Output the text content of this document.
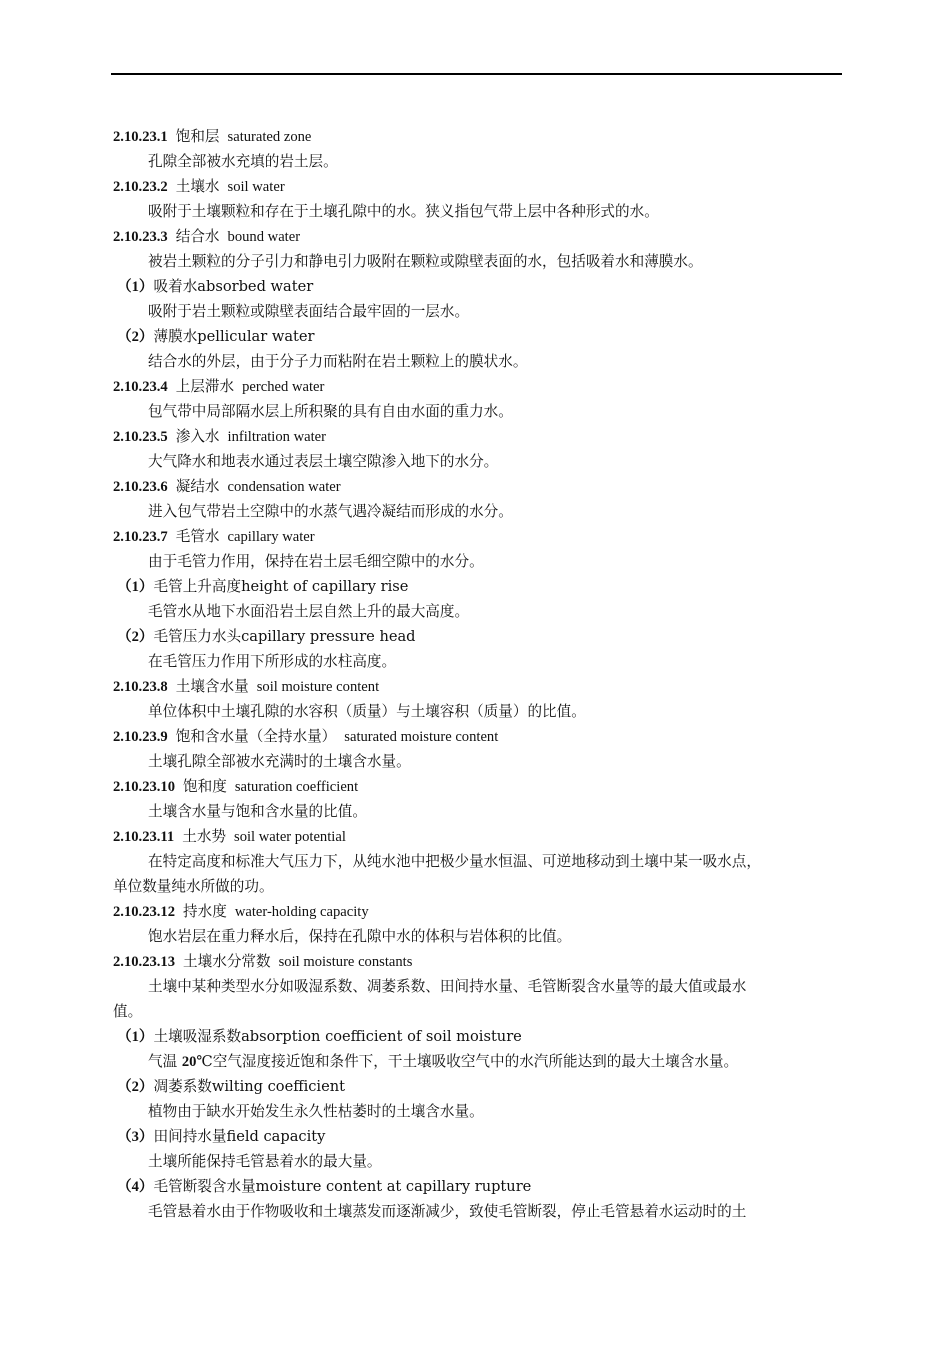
2.10.23.1 饱和层 saturated zone
孔隙全部被水充填的岩土层。
2.10.23.2 土壤水 soil water
吸附于土壤颗粒和存在于土壤孔隙中的水。狭义指包气带上层中各种形式的水。
2.10.23.3 结合水 bound water
被岩土颗粒的分子引力和静电引力吸附在颗粒或隙壁表面的水，包括吸着水和薄膜水。
（1）吸着水absorbed water
吸附于岩土颗粒或隙壁表面结合最牢固的一层水。
（2）薄膜水pellicular water
结合水的外层，由于分子力而粘附在岩土颗粒上的膜状水。
2.10.23.4 上层滞水 perched water
包气带中局部隔水层上所积聚的具有自由水面的重力水。
2.10.23.5 渗入水 infiltration water
大气降水和地表水通过表层土壤空隙渗入地下的水分。
2.10.23.6 凝结水 condensation water
进入包气带岩土空隙中的水蒸气遇冷凝结而形成的水分。
2.10.23.7 毛管水 capillary water
由于毛管力作用，保持在岩土层毛细空隙中的水分。
（1）毛管上升高度height of capillary rise
毛管水从地下水面沿岩土层自然上升的最大高度。
（2）毛管压力水头capillary pressure head
在毛管压力作用下所形成的水柱高度。
2.10.23.8 土壤含水量 soil moisture content
单位体积中土壤孔隙的水容积（质量）与土壤容积（质量）的比值。
2.10.23.9 饱和含水量（全持水量） saturated moisture content
土壤孔隙全部被水充满时的土壤含水量。
2.10.23.10 饱和度 saturation coefficient
土壤含水量与饱和含水量的比值。
2.10.23.11 土水势 soil water potential
在特定高度和标准大气压力下，从纯水池中把极少量水恒温、可逆地移动到土壤中某一吸水点，
单位数量纯水所做的功。
2.10.23.12 持水度 water-holding capacity
饱水岩层在重力释水后，保持在孔隙中水的体积与岩体积的比值。
2.10.23.13 土壤水分常数 soil moisture constants
土壤中某种类型水分如吸湿系数、凋萎系数、田间持水量、毛管断裂含水量等的最大值或最水
值。
（1）土壤吸湿系数absorption coefficient of soil moisture
气温 20℃空气湿度接近饱和条件下，干土壤吸收空气中的水汽所能达到的最大土壤含水量。
（2）凋萎系数wilting coefficient
植物由于缺水开始发生永久性枯萎时的土壤含水量。
（3）田间持水量field capacity
土壤所能保持毛管悬着水的最大量。
（4）毛管断裂含水量moisture content at capillary rupture
毛管悬着水由于作物吸收和土壤蒸发而逐渐减少，致使毛管断裂，停止毛管悬着水运动时的土
